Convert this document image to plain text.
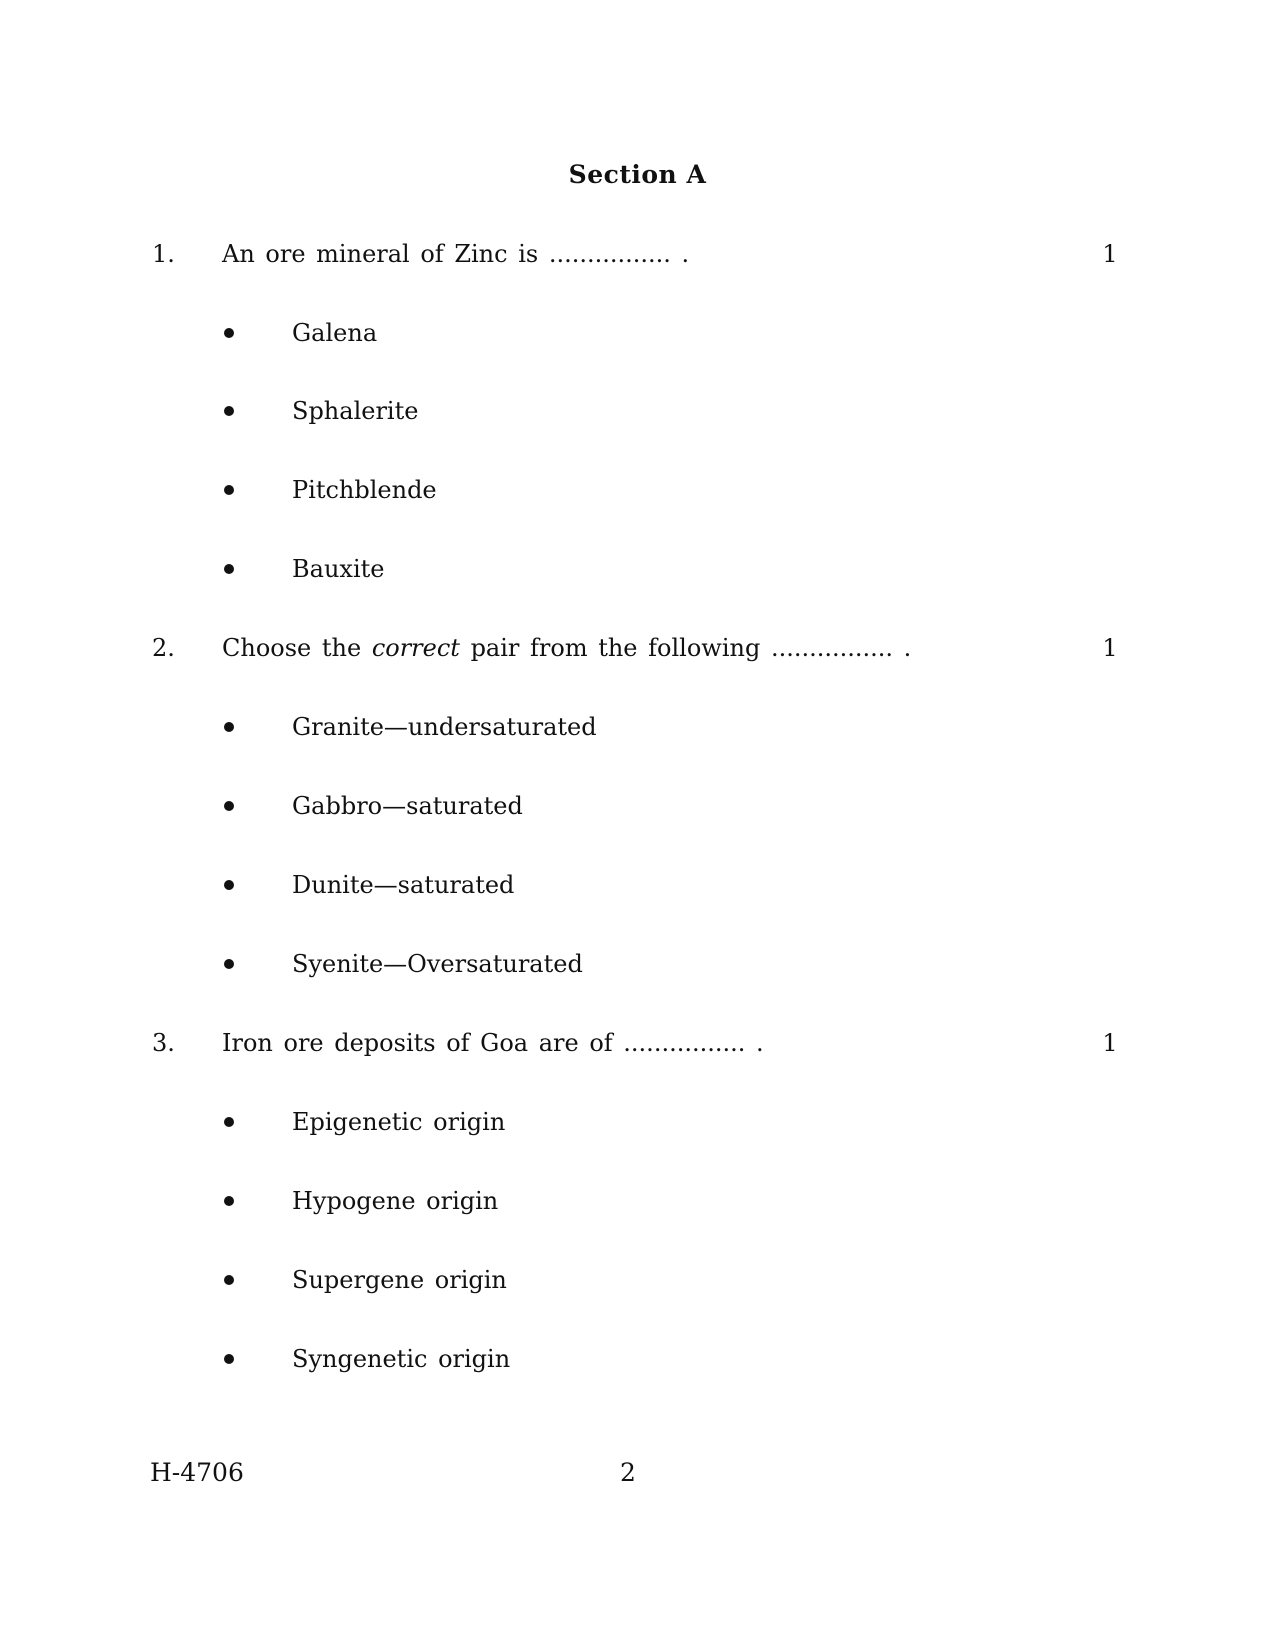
Section A
1. An ore mineral of Zinc is ................ .	1
Galena
Sphalerite
Pitchblende
Bauxite
2. Choose the correct pair from the following ................ .	1
Granite—undersaturated
Gabbro—saturated
Dunite—saturated
Syenite—Oversaturated
3. Iron ore deposits of Goa are of ................ .	1
Epigenetic origin
Hypogene origin
Supergene origin
Syngenetic origin
H-4706	2
